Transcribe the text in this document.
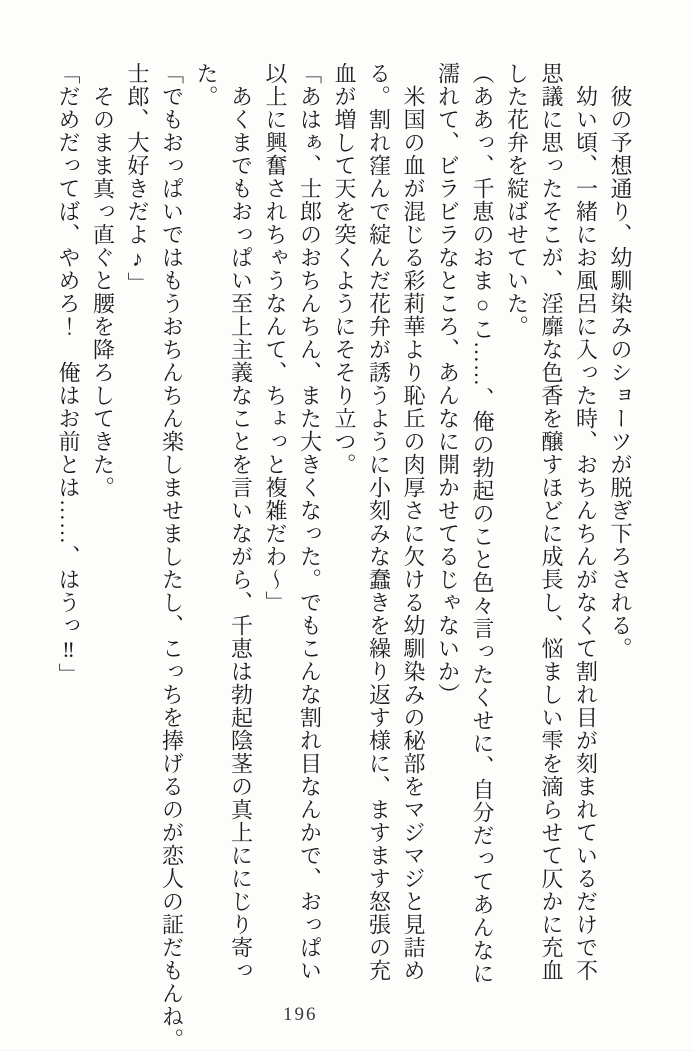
　彼の予想通り、幼馴染みのショーツが脱ぎ下ろされる。

　幼い頃、一緒にお風呂に入った時、おちんちんがなくて割れ目が刻まれているだけで不

思議に思ったそこが、淫靡な色香を醸すほどに成長し、悩ましい雫を滴らせて仄かに充血

した花弁を綻ばせていた。

（ああっ、千恵のおま○こ……、俺の勃起のこと色々言ったくせに、自分だってあんなに

濡れて、ビラビラなところ、あんなに開かせてるじゃないか）

　米国の血が混じる彩莉華より恥丘の肉厚さに欠ける幼馴染みの秘部をマジマジと見詰め

る。割れ窪んで綻んだ花弁が誘うように小刻みな蠢きを繰り返す様に、ますます怒張の充

血が増して天を突くようにそそり立つ。

「あはぁ、士郎のおちんちん、また大きくなった。でもこんな割れ目なんかで、おっぱい

以上に興奮されちゃうなんて、ちょっと複雑だわ〜」

　あくまでもおっぱい至上主義なことを言いながら、千恵は勃起陰茎の真上ににじり寄っ

た。

「でもおっぱいではもうおちんちん楽しませましたし、こっちを捧げるのが恋人の証だもんね。

士郎、大好きだよ♪」

　そのまま真っ直ぐと腰を降ろしてきた。

「だめだってば、やめろ！　俺はお前とは……、はうっ‼」

196
